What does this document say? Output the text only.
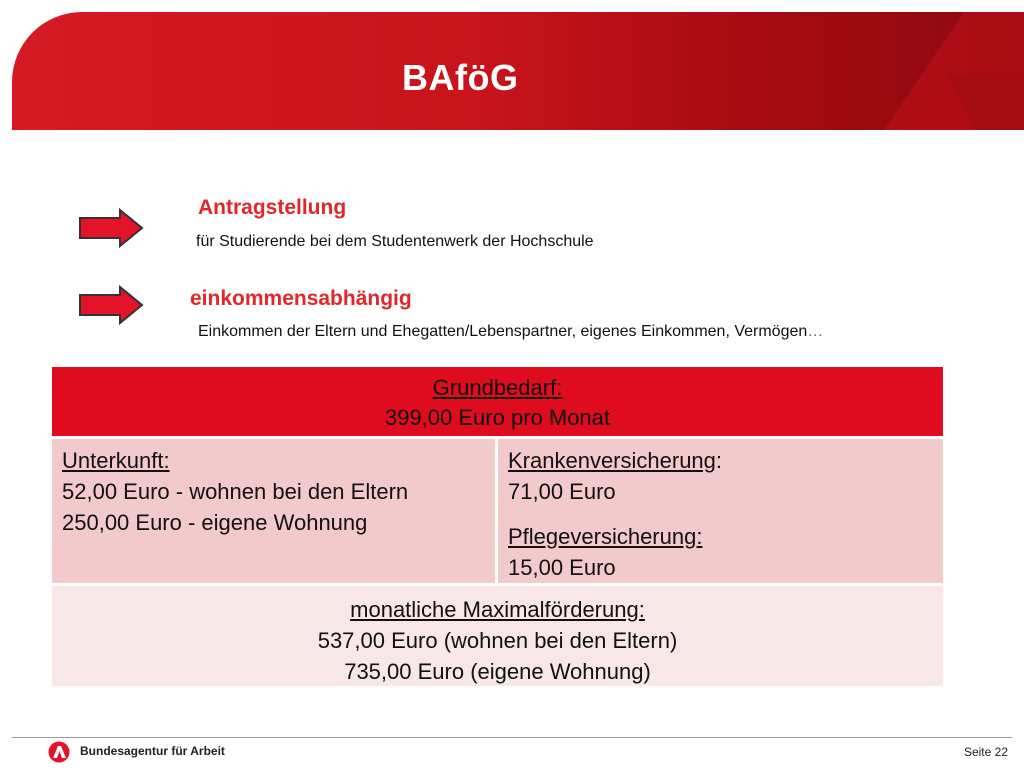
BAföG
Antragstellung
für Studierende bei dem Studentenwerk der Hochschule
einkommensabhängig
Einkommen der Eltern und Ehegatten/Lebenspartner, eigenes Einkommen, Vermögen…
Grundbedarf:
399,00 Euro pro Monat
Unterkunft:
52,00 Euro - wohnen bei den Eltern
250,00 Euro - eigene Wohnung
Krankenversicherung:
71,00 Euro
Pflegeversicherung:
15,00 Euro
monatliche Maximalförderung:
537,00 Euro (wohnen bei den Eltern)
735,00 Euro (eigene Wohnung)
Bundesagentur für Arbeit	Seite 22
